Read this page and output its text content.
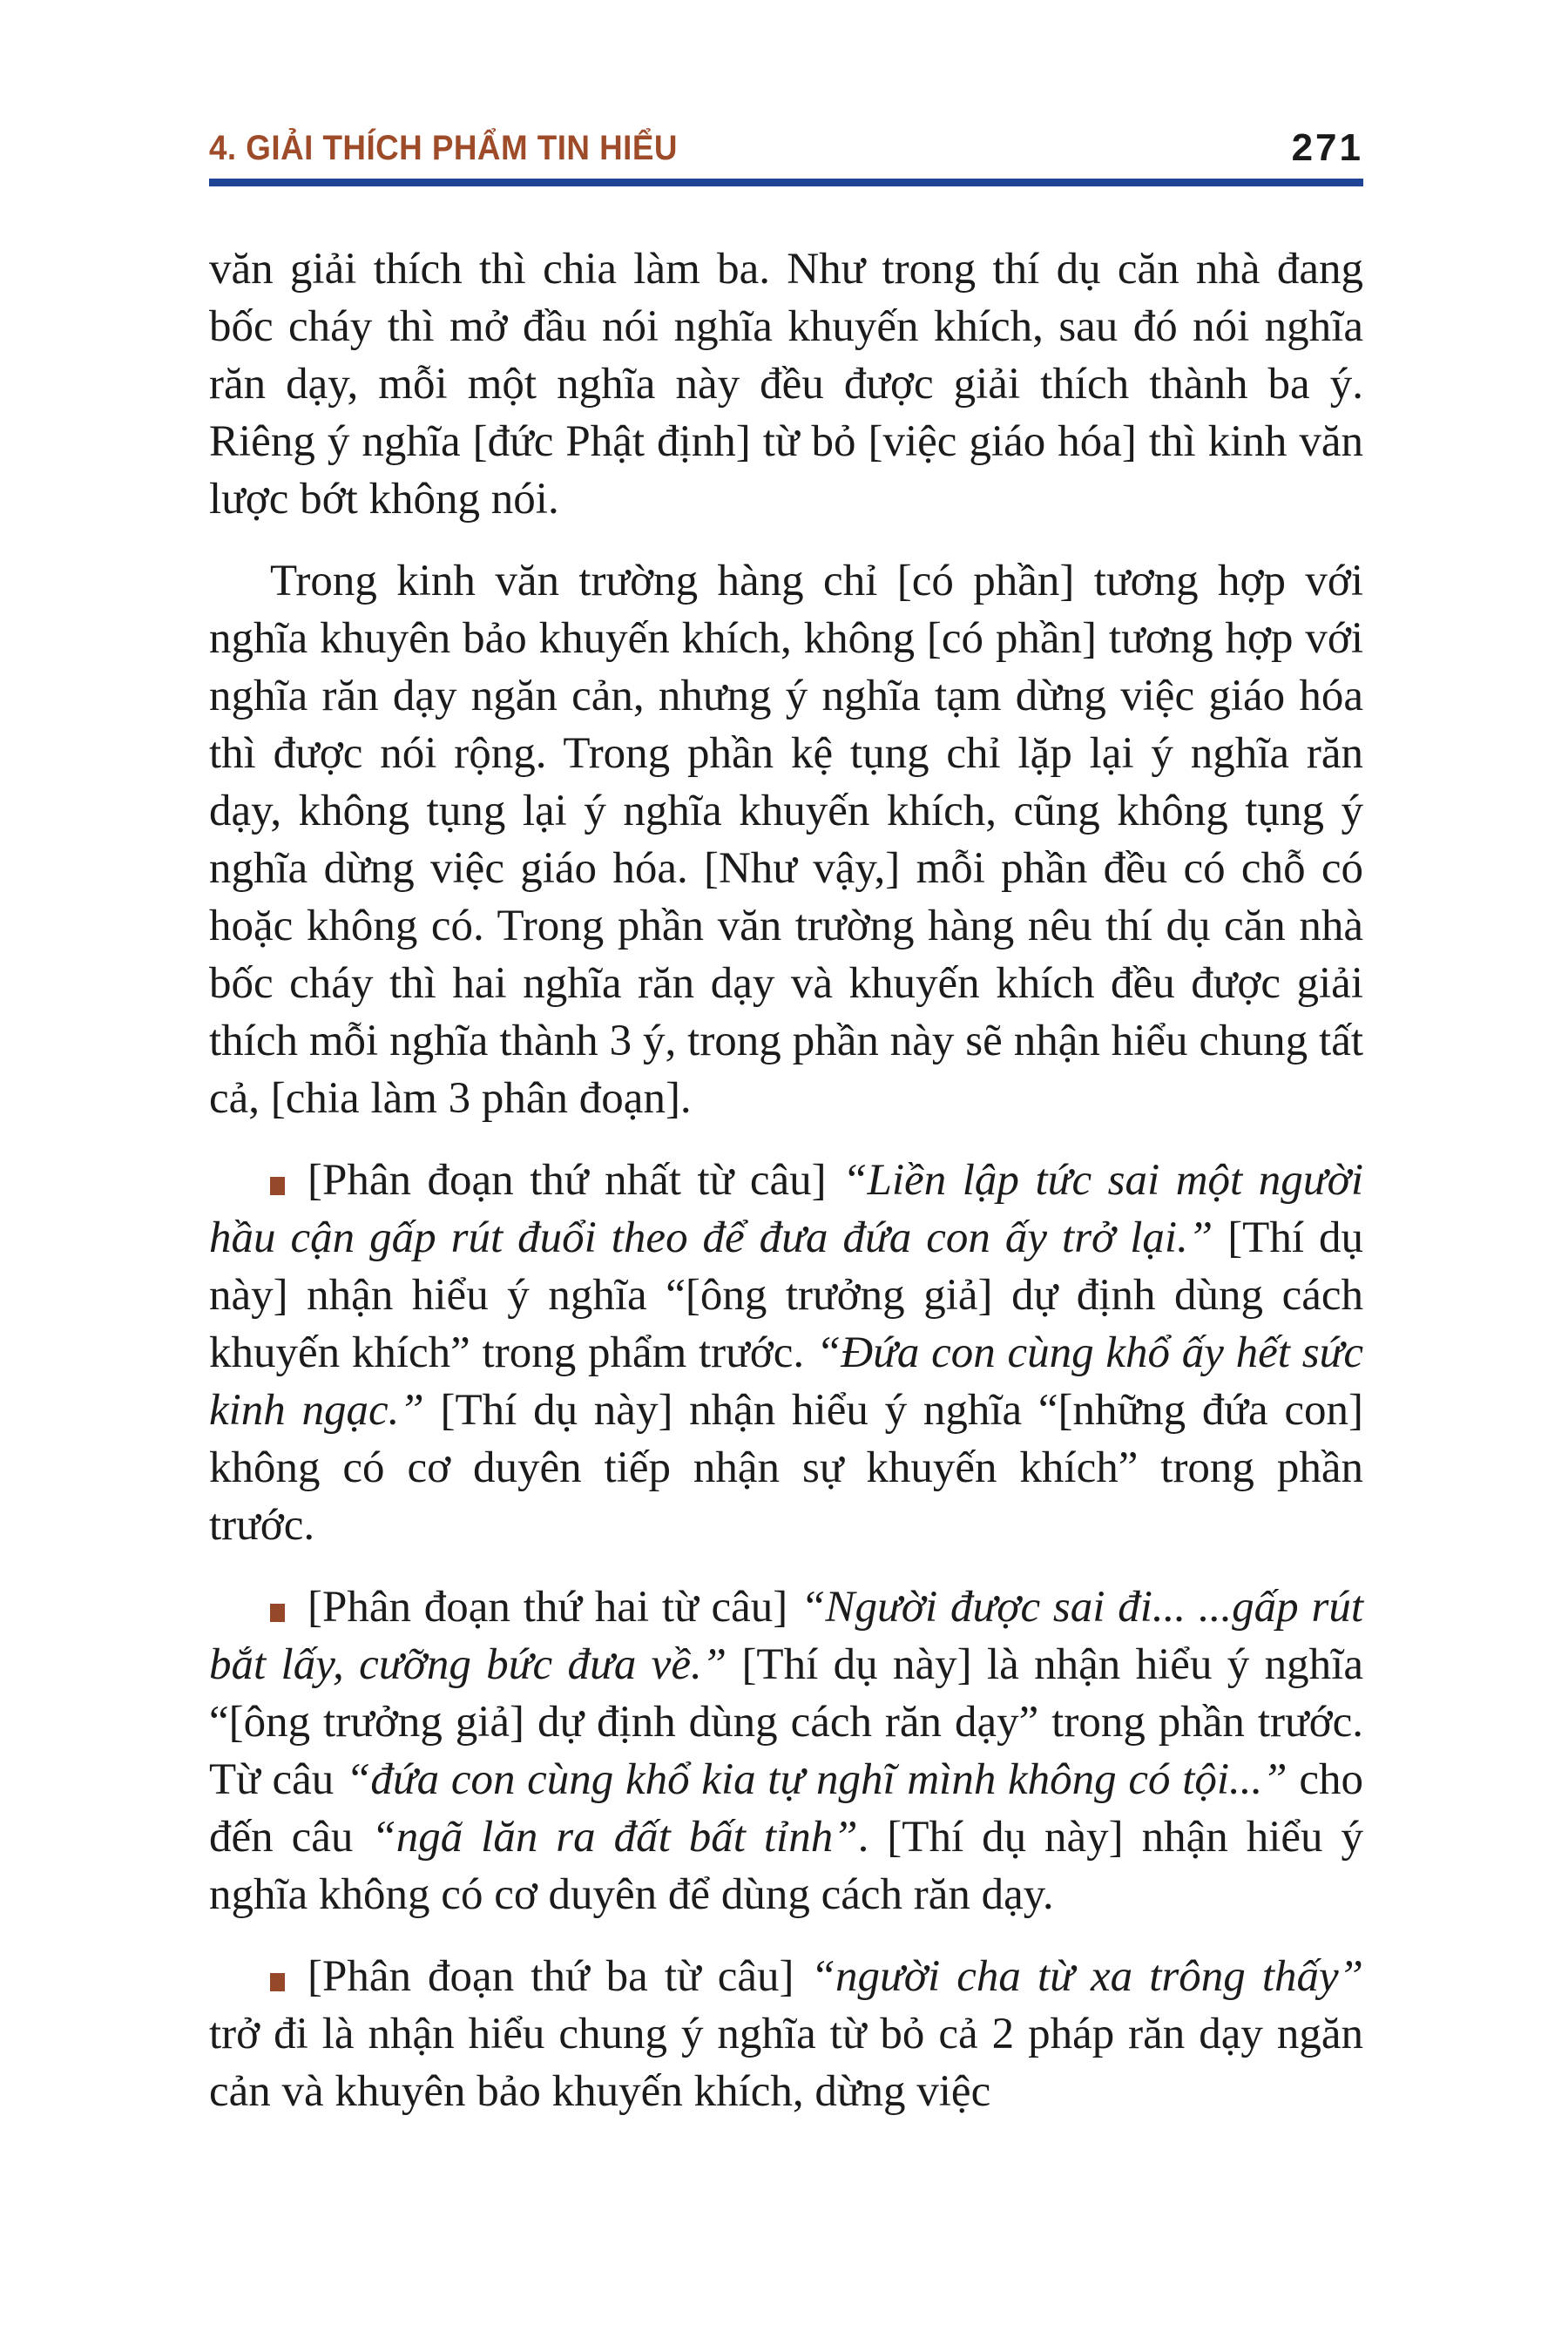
4. GIẢI THÍCH PHẨM TIN HIỂU	271

văn giải thích thì chia làm ba. Như trong thí dụ căn nhà đang bốc cháy thì mở đầu nói nghĩa khuyến khích, sau đó nói nghĩa răn dạy, mỗi một nghĩa này đều được giải thích thành ba ý. Riêng ý nghĩa [đức Phật định] từ bỏ [việc giáo hóa] thì kinh văn lược bớt không nói.

Trong kinh văn trường hàng chỉ [có phần] tương hợp với nghĩa khuyên bảo khuyến khích, không [có phần] tương hợp với nghĩa răn dạy ngăn cản, nhưng ý nghĩa tạm dừng việc giáo hóa thì được nói rộng. Trong phần kệ tụng chỉ lặp lại ý nghĩa răn dạy, không tụng lại ý nghĩa khuyến khích, cũng không tụng ý nghĩa dừng việc giáo hóa. [Như vậy,] mỗi phần đều có chỗ có hoặc không có. Trong phần văn trường hàng nêu thí dụ căn nhà bốc cháy thì hai nghĩa răn dạy và khuyến khích đều được giải thích mỗi nghĩa thành 3 ý, trong phần này sẽ nhận hiểu chung tất cả, [chia làm 3 phân đoạn].

[Phân đoạn thứ nhất từ câu] “Liền lập tức sai một người hầu cận gấp rút đuổi theo để đưa đứa con ấy trở lại.” [Thí dụ này] nhận hiểu ý nghĩa “[ông trưởng giả] dự định dùng cách khuyến khích” trong phẩm trước. “Đứa con cùng khổ ấy hết sức kinh ngạc.” [Thí dụ này] nhận hiểu ý nghĩa “[những đứa con] không có cơ duyên tiếp nhận sự khuyến khích” trong phần trước.

[Phân đoạn thứ hai từ câu] “Người được sai đi... ...gấp rút bắt lấy, cưỡng bức đưa về.” [Thí dụ này] là nhận hiểu ý nghĩa “[ông trưởng giả] dự định dùng cách răn dạy” trong phần trước. Từ câu “đứa con cùng khổ kia tự nghĩ mình không có tội...” cho đến câu “ngã lăn ra đất bất tỉnh”. [Thí dụ này] nhận hiểu ý nghĩa không có cơ duyên để dùng cách răn dạy.

[Phân đoạn thứ ba từ câu] “người cha từ xa trông thấy” trở đi là nhận hiểu chung ý nghĩa từ bỏ cả 2 pháp răn dạy ngăn cản và khuyên bảo khuyến khích, dừng việc
